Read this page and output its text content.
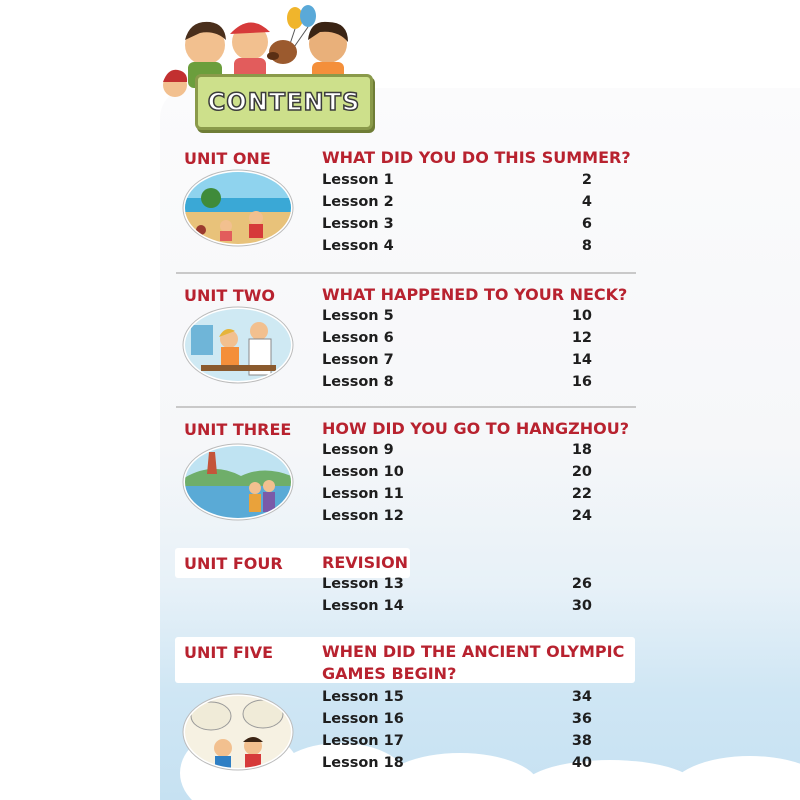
CONTENTS
UNIT ONE	WHAT DID YOU DO THIS SUMMER?
Lesson 1	2
Lesson 2	4
Lesson 3	6
Lesson 4	8
UNIT TWO	WHAT HAPPENED TO YOUR NECK?
Lesson 5	10
Lesson 6	12
Lesson 7	14
Lesson 8	16
UNIT THREE HOW DID YOU GO TO HANGZHOU?
Lesson 9	18
Lesson 10	20
Lesson 11	22
Lesson 12	24
UNIT FOUR REVISION
Lesson 13	26
Lesson 14	30
UNIT FIVE	WHEN DID THE ANCIENT OLYMPIC
GAMES BEGIN?
Lesson 15	34
Lesson 16	36
Lesson 17	38
Lesson 18	40
